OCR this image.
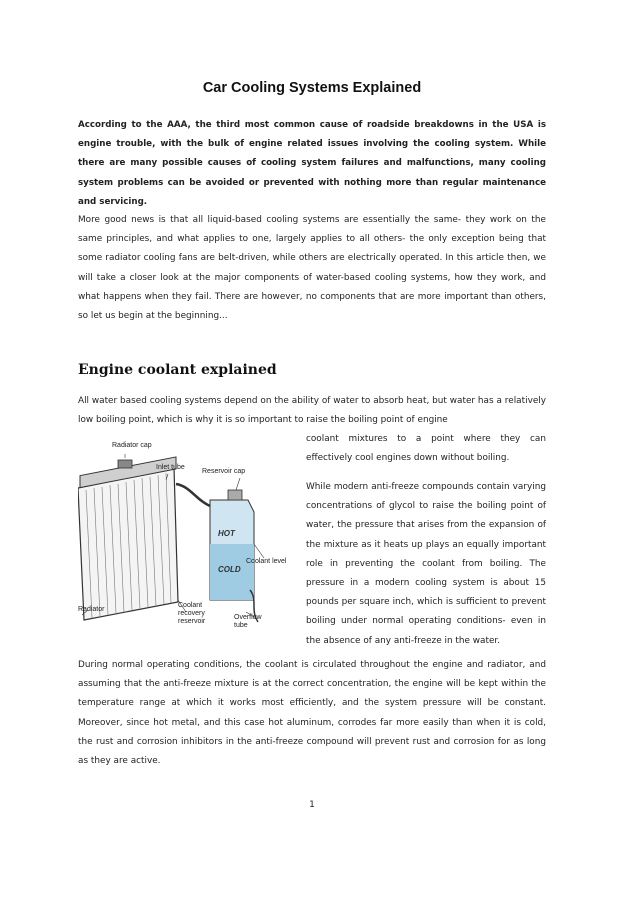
Car Cooling Systems Explained

According to the AAA, the third most common cause of roadside breakdowns in the USA is engine trouble, with the bulk of engine related issues involving the cooling system. While there are many possible causes of cooling system failures and malfunctions, many cooling system problems can be avoided or prevented with nothing more than regular maintenance and servicing.

More good news is that all liquid-based cooling systems are essentially the same- they work on the same principles, and what applies to one, largely applies to all others- the only exception being that some radiator cooling fans are belt-driven, while others are electrically operated. In this article then, we will take a closer look at the major components of water-based cooling systems, how they work, and what happens when they fail. There are however, no components that are more important than others, so let us begin at the beginning...

Engine coolant explained

All water based cooling systems depend on the ability of water to absorb heat, but water has a relatively low boiling point, which is why it is so important to raise the boiling point of engine

coolant mixtures to a point where they can effectively cool engines down without boiling.

While modern anti-freeze compounds contain varying concentrations of glycol to raise the boiling point of water, the pressure that arises from the expansion of the mixture as it heats up plays an equally important role in preventing the coolant from boiling. The pressure in a modern cooling system is about 15 pounds per square inch, which is sufficient to prevent boiling under normal operating conditions- even in the absence of any anti-freeze in the water.

HOT
COLD
Radiator cap
Inlet tube
Reservoir cap
Coolant level
Radiator
Coolant recovery reservoir
Overflow tube

During normal operating conditions, the coolant is circulated throughout the engine and radiator, and assuming that the anti-freeze mixture is at the correct concentration, the engine will be kept within the temperature range at which it works most efficiently, and the system pressure will be constant. Moreover, since hot metal, and this case hot aluminum, corrodes far more easily than when it is cold, the rust and corrosion inhibitors in the anti-freeze compound will prevent rust and corrosion for as long as they are active.

1
